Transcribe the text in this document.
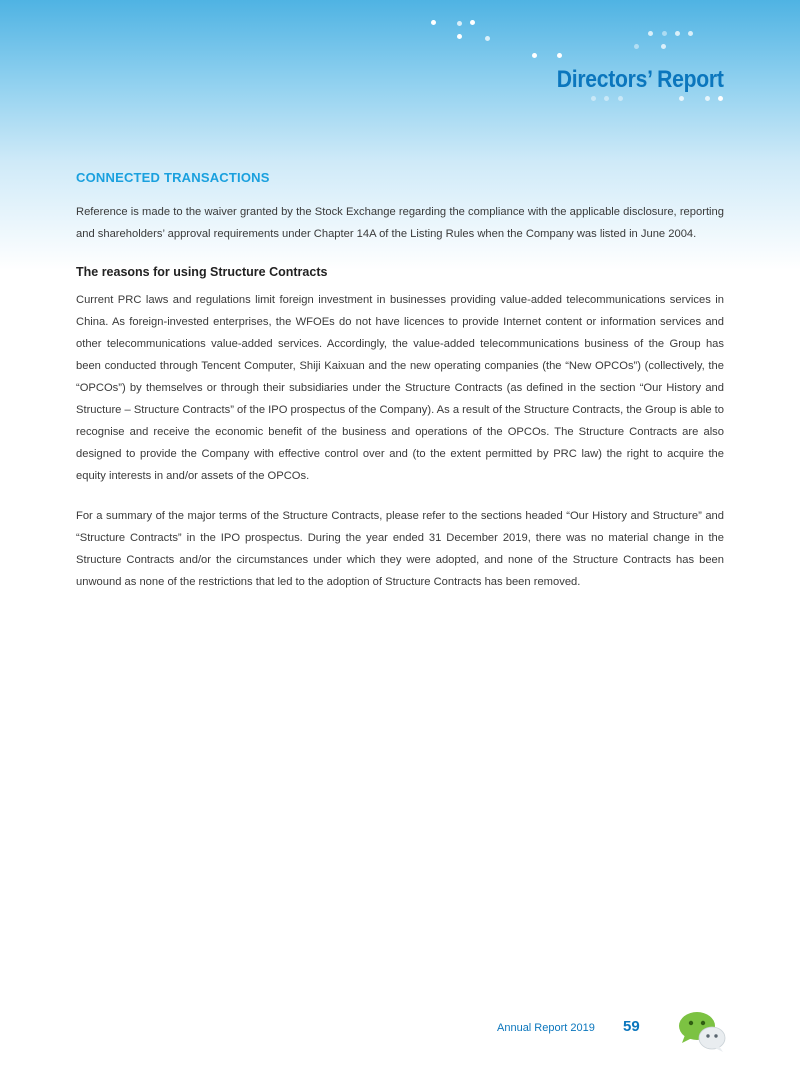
Directors’ Report
CONNECTED TRANSACTIONS

Reference is made to the waiver granted by the Stock Exchange regarding the compliance with the applicable disclosure, reporting and shareholders’ approval requirements under Chapter 14A of the Listing Rules when the Company was listed in June 2004.

The reasons for using Structure Contracts

Current PRC laws and regulations limit foreign investment in businesses providing value-added telecommunications services in China. As foreign-invested enterprises, the WFOEs do not have licences to provide Internet content or information services and other telecommunications value-added services. Accordingly, the value-added telecommunications business of the Group has been conducted through Tencent Computer, Shiji Kaixuan and the new operating companies (the “New OPCOs”) (collectively, the “OPCOs”) by themselves or through their subsidiaries under the Structure Contracts (as defined in the section “Our History and Structure – Structure Contracts” of the IPO prospectus of the Company). As a result of the Structure Contracts, the Group is able to recognise and receive the economic benefit of the business and operations of the OPCOs. The Structure Contracts are also designed to provide the Company with effective control over and (to the extent permitted by PRC law) the right to acquire the equity interests in and/or assets of the OPCOs.

For a summary of the major terms of the Structure Contracts, please refer to the sections headed “Our History and Structure” and “Structure Contracts” in the IPO prospectus. During the year ended 31 December 2019, there was no material change in the Structure Contracts and/or the circumstances under which they were adopted, and none of the Structure Contracts has been unwound as none of the restrictions that led to the adoption of Structure Contracts has been removed.

Annual Report 2019 59
